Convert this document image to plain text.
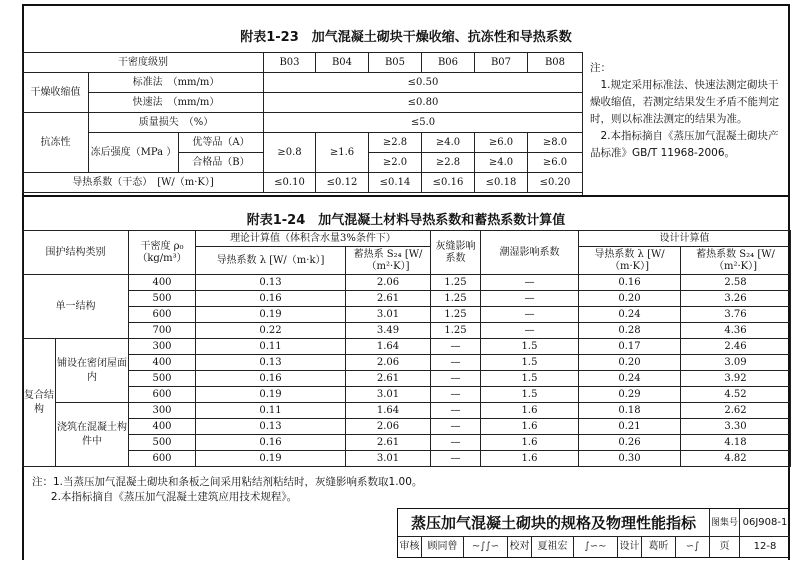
附表1-23　加气混凝土砌块干燥收缩、抗冻性和导热系数
干密度级别			B03	B04	B05	B06	B07	B08
干燥收缩值	标准法　（mm/m）		≤0.50					
	快速法　（mm/m）		≤0.80					
抗冻性	质量损失　（%）		≤5.0					
	冻后强度（MPa ）	优等品（A）	≥0.8	≥1.6	≥2.8	≥4.0	≥6.0	≥8.0
		合格品（B）			≥2.0	≥2.8	≥4.0	≥6.0
导热系数（干态）　[W/（m·K）]			≤0.10	≤0.12	≤0.14	≤0.16	≤0.18	≤0.20
注：
1.规定采用标准法、快速法测定砌块干燥收缩值，若测定结果发生矛盾不能判定时，则以标准法测定的结果为准。
2.本指标摘自《蒸压加气混凝土砌块产品标准》GB/T 11968-2006。
附表1-24　加气混凝土材料导热系数和蓄热系数计算值
围护结构类别		干密度 ρ₀（kg/m³）	理论计算值（体积含水量3%条件下）		灰缝影响系数	潮湿影响系数	设计计算值	
			导热系数 λ [W/（m·k）]	蓄热系 S₂₄ [W/（m²·K）]			导热系数 λ [W/（m·K）]	蓄热系数 S₂₄ [W/（m²·K）]
单一结构		400	0.13	2.06	1.25	—	0.16	2.58
		500	0.16	2.61	1.25	—	0.20	3.26
		600	0.19	3.01	1.25	—	0.24	3.76
		700	0.22	3.49	1.25	—	0.28	4.36
复合结构	铺设在密闭屋面内	300	0.11	1.64	—	1.5	0.17	2.46
		400	0.13	2.06	—	1.5	0.20	3.09
		500	0.16	2.61	—	1.5	0.24	3.92
		600	0.19	3.01	—	1.5	0.29	4.52
	浇筑在混凝土构件中	300	0.11	1.64	—	1.6	0.18	2.62
		400	0.13	2.06	—	1.6	0.21	3.30
		500	0.16	2.61	—	1.6	0.26	4.18
		600	0.19	3.01	—	1.6	0.30	4.82
注：1.当蒸压加气混凝土砌块和条板之间采用粘结剂粘结时，灰缝影响系数取1.00。
2.本指标摘自《蒸压加气混凝土建筑应用技术规程》。
蒸压加气混凝土砌块的规格及物理性能指标	图集号 06J908-1
审核 顾同曾	~∫∫∽	校对 夏祖宏	∫∽∼	设计 葛昕	∽∫	页	12-8
